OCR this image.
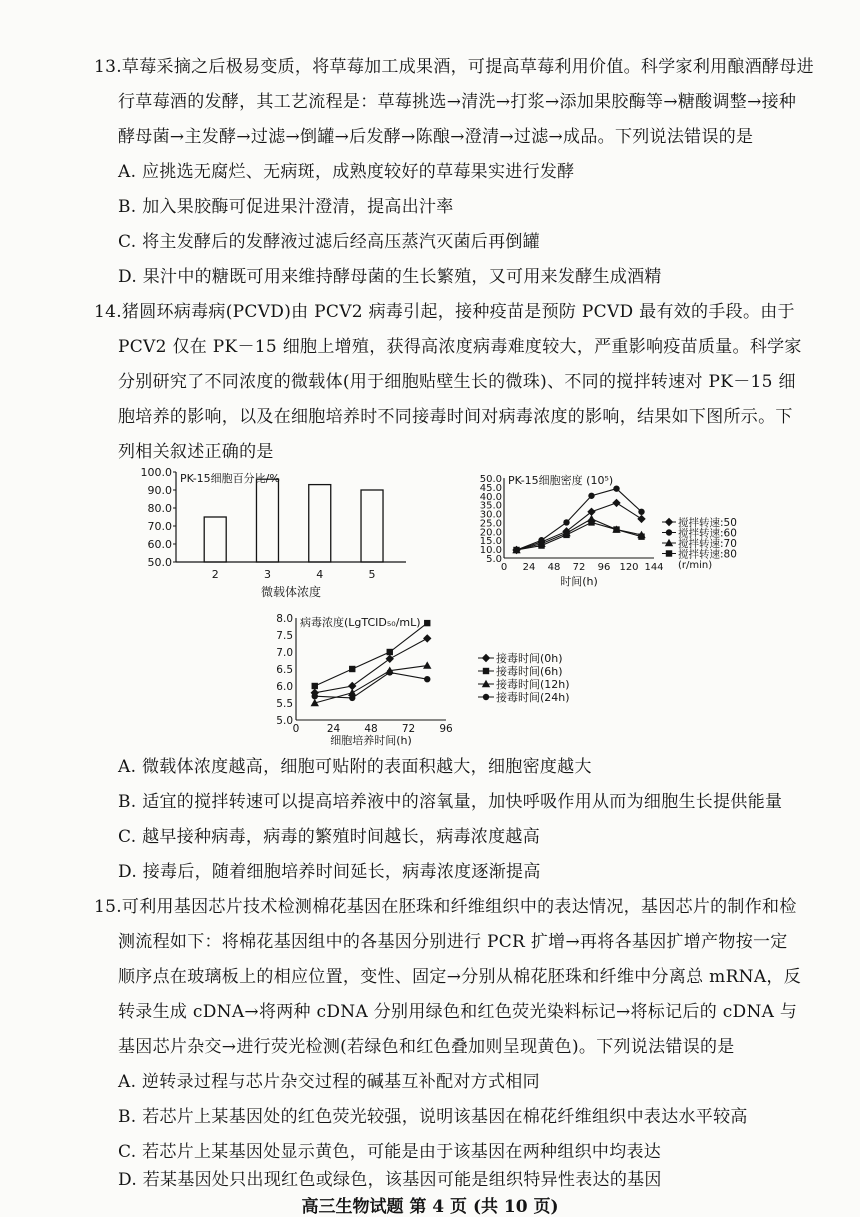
13.草莓采摘之后极易变质，将草莓加工成果酒，可提高草莓利用价值。科学家利用酿酒酵母进
行草莓酒的发酵，其工艺流程是：草莓挑选→清洗→打浆→添加果胶酶等→糖酸调整→接种
酵母菌→主发酵→过滤→倒罐→后发酵→陈酿→澄清→过滤→成品。下列说法错误的是
A. 应挑选无腐烂、无病斑，成熟度较好的草莓果实进行发酵
B. 加入果胶酶可促进果汁澄清，提高出汁率
C. 将主发酵后的发酵液过滤后经高压蒸汽灭菌后再倒罐
D. 果汁中的糖既可用来维持酵母菌的生长繁殖，又可用来发酵生成酒精
14.猪圆环病毒病(PCVD)由 PCV2 病毒引起，接种疫苗是预防 PCVD 最有效的手段。由于
PCV2 仅在 PK－15 细胞上增殖，获得高浓度病毒难度较大，严重影响疫苗质量。科学家
分别研究了不同浓度的微载体(用于细胞贴壁生长的微珠)、不同的搅拌转速对 PK－15 细
胞培养的影响，以及在细胞培养时不同接毒时间对病毒浓度的影响，结果如下图所示。下
列相关叙述正确的是
50.0
60.0
70.0
80.0
90.0
100.0 PK-15细胞百分比/%
2	3	4	5
微载体浓度
5.0
10.0
15.0
20.0
25.0
30.0
35.0
40.0
45.0
50.0
0 24 48 72 96 120 144
PK-15细胞密度 (10⁵)
时间(h)
搅拌转速:50
搅拌转速:60
搅拌转速:70
搅拌转速:80
(r/min)
5.0
5.5
6.0
6.5
7.0
7.5
8.0
0	24 48 72 96
病毒浓度(LgTCID₅₀/mL)
细胞培养时间(h)
接毒时间(0h)
接毒时间(6h)
接毒时间(12h)
接毒时间(24h)
A. 微载体浓度越高，细胞可贴附的表面积越大，细胞密度越大
B. 适宜的搅拌转速可以提高培养液中的溶氧量，加快呼吸作用从而为细胞生长提供能量
C. 越早接种病毒，病毒的繁殖时间越长，病毒浓度越高
D. 接毒后，随着细胞培养时间延长，病毒浓度逐渐提高
15.可利用基因芯片技术检测棉花基因在胚珠和纤维组织中的表达情况，基因芯片的制作和检
测流程如下：将棉花基因组中的各基因分别进行 PCR 扩增→再将各基因扩增产物按一定
顺序点在玻璃板上的相应位置，变性、固定→分别从棉花胚珠和纤维中分离总 mRNA，反
转录生成 cDNA→将两种 cDNA 分别用绿色和红色荧光染料标记→将标记后的 cDNA 与
基因芯片杂交→进行荧光检测(若绿色和红色叠加则呈现黄色)。下列说法错误的是
A. 逆转录过程与芯片杂交过程的碱基互补配对方式相同
B. 若芯片上某基因处的红色荧光较强，说明该基因在棉花纤维组织中表达水平较高
高三生物试题 第 4 页 (共 10 页)
C. 若芯片上某基因处显示黄色，可能是由于该基因在两种组织中均表达
D. 若某基因处只出现红色或绿色，该基因可能是组织特异性表达的基因
